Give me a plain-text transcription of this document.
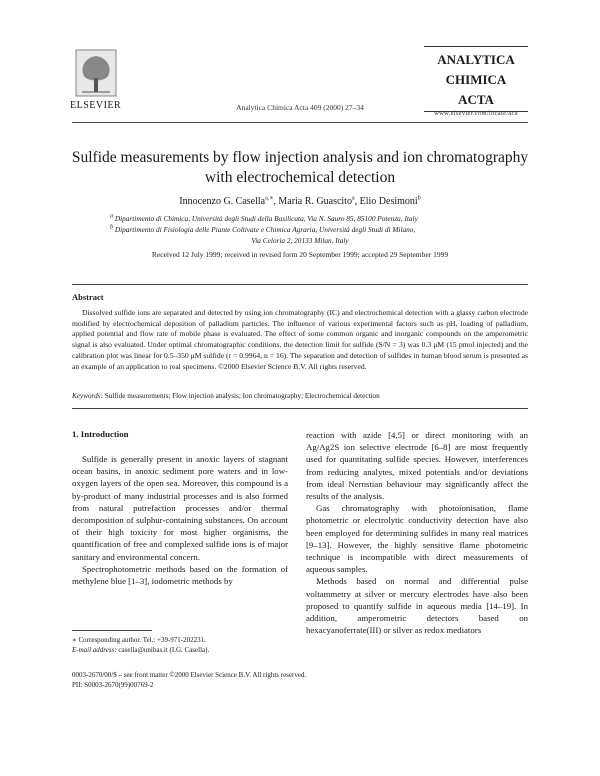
ELSEVIER	Analytica Chimica Acta 409 (2000) 27–34
ANALYTICA
CHIMICA
ACTA
www.elsevier.com/locate/aca
Sulfide measurements by flow injection analysis and ion chromatography with electrochemical detection
Innocenzo G. Casella$^{a,∗}$, Maria R. Guascito$^a$, Elio Desimoni$^b$
$^a$ Dipartimento di Chimica, Università degli Studi della Basilicata, Via N. Sauro 85, 85100 Potenza, Italy
$^b$ Dipartimento di Fisiologia delle Piante Coltivate e Chimica Agraria, Università degli Studi di Milano,
Via Celoria 2, 20133 Milan, Italy
Received 12 July 1999; received in revised form 20 September 1999; accepted 29 September 1999
Abstract
Dissolved sulfide ions are separated and detected by using ion chromatography (IC) and electrochemical detection with a glassy carbon electrode modified by electrochemical deposition of palladium particles. The influence of various experimental factors such as pH, loading of palladium, applied potential and flow rate of mobile phase is evaluated. The effect of some common organic and inorganic compounds on the amperometric signal is also evaluated. Under optimal chromatographic conditions, the detection limit for sulfide (S/N = 3) was 0.3 μM (15 pmol injected) and the calibration plot was linear for 0.5–350 μM sulfide (r = 0.9964, n = 16). The separation and detection of sulfides in human blood serum is presented as an example of an application to real specimens. ©2000 Elsevier Science B.V. All rights reserved.
Keywords: Sulfide measurements; Flow injection analysis; Ion chromatography; Electrochemical detection
1. Introduction

Sulfide is generally present in anoxic layers of stagnant ocean basins, in anoxic sediment pore waters and in low-oxygen layers of the open sea. Moreover, this compound is a by-product of many industrial processes and is also formed from natural putrefaction processes and/or thermal decomposition of sulphur-containing substances. On account of their high toxicity for most higher organisms, the quantification of free and complexed sulfide ions is of major sanitary and environmental concern.

Spectrophotometric methods based on the formation of methylene blue [1–3], iodometric methods by

reaction with azide [4,5] or direct monitoring with an Ag/Ag2S ion selective electrode [6–8] are most frequently used for quantitating sulfide species. However, interferences from reducing analytes, mixed potentials and/or deviations from ideal Nernstian behaviour may significantly affect the results of the analysis.

Gas chromatography with photoionisation, flame photometric or electrolytic conductivity detection have also been employed for determining sulfides in many real matrices [9–13]. However, the highly sensitive flame photometric technique is incompatible with direct measurements of aqueous samples.

Methods based on normal and differential pulse voltammetry at silver or mercury electrodes have also been proposed to quantify sulfide in aqueous media [14–19]. In addition, amperometric detectors based on hexacyanoferrate(III) or silver as redox mediators

∗ Corresponding author. Tel.: +39-971-202231.
E-mail address: casella@unibas.it (I.G. Casella).
0003-2670/00/$ – see front matter ©2000 Elsevier Science B.V. All rights reserved.
PII: S0003-2670(99)00769-2
